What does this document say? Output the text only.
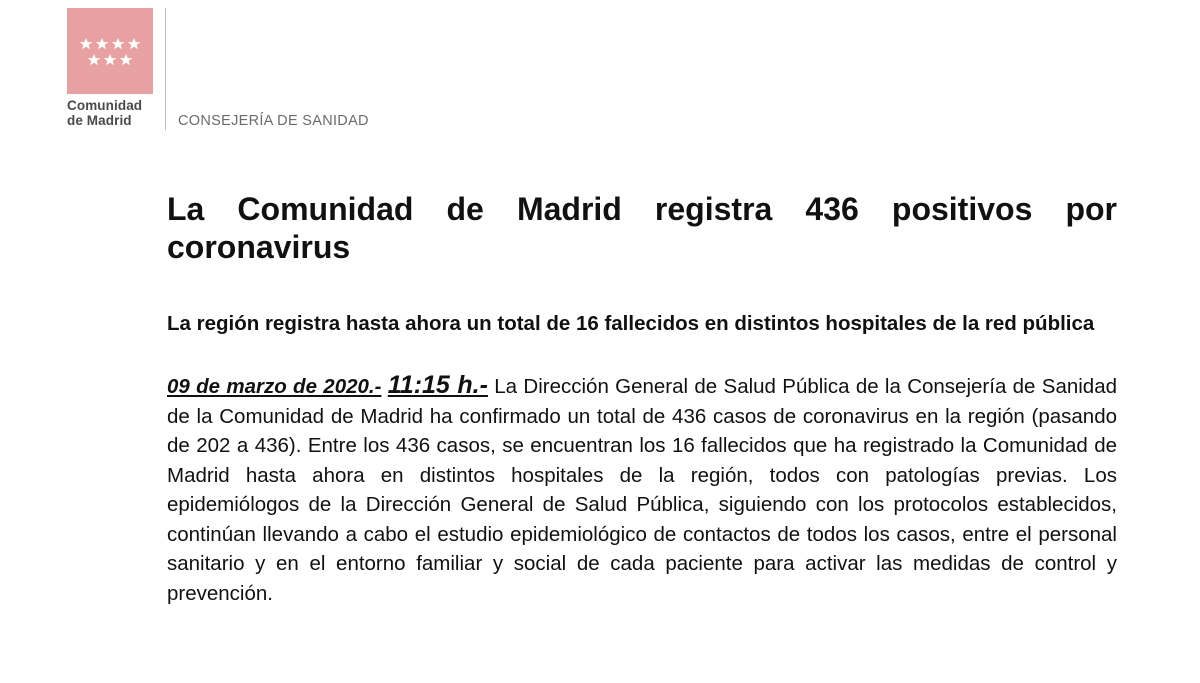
Comunidad
de Madrid	CONSEJERÍA DE SANIDAD
La Comunidad de Madrid registra 436 positivos por coronavirus
La región registra hasta ahora un total de 16 fallecidos en distintos hospitales de la red pública

09 de marzo de 2020.- 11:15 h.- La Dirección General de Salud Pública de la Consejería de Sanidad de la Comunidad de Madrid ha confirmado un total de 436 casos de coronavirus en la región (pasando de 202 a 436). Entre los 436 casos, se encuentran los 16 fallecidos que ha registrado la Comunidad de Madrid hasta ahora en distintos hospitales de la región, todos con patologías previas. Los epidemiólogos de la Dirección General de Salud Pública, siguiendo con los protocolos establecidos, continúan llevando a cabo el estudio epidemiológico de contactos de todos los casos, entre el personal sanitario y en el entorno familiar y social de cada paciente para activar las medidas de control y prevención.
